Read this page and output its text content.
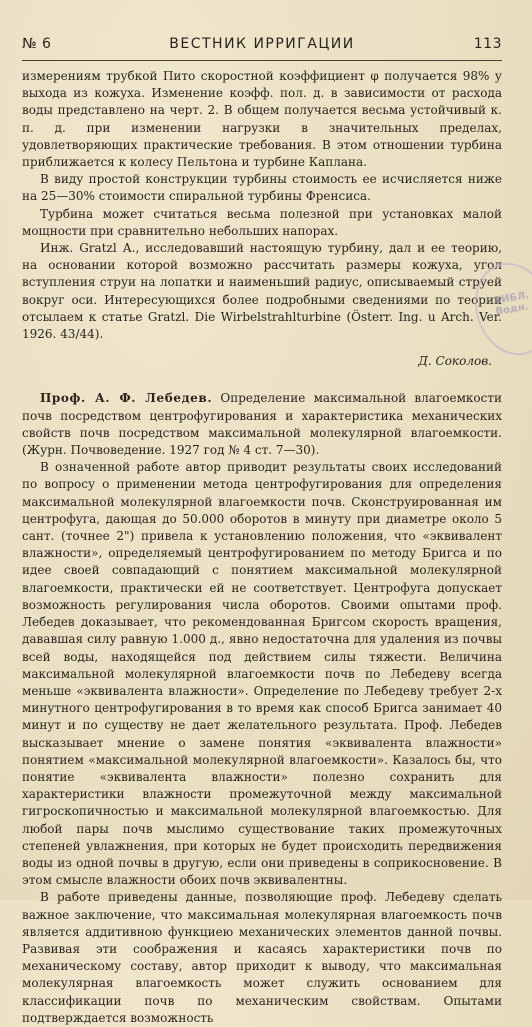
№ 6	ВЕСТНИК ИРРИГАЦИИ	113

измерениям трубкой Пито скоростной коэффициент φ получается 98% у выхода из кожуха. Изменение коэфф. пол. д. в зависимости от расхода воды представлено на черт. 2. В общем получается весьма устойчивый к. п. д. при изменении нагрузки в значительных пределах, удовлетворяющих практические требования. В этом отношении турбина приближается к колесу Пельтона и турбине Каплана.

В виду простой конструкции турбины стоимость ее исчисляется ниже на 25—30% стоимости спиральной турбины Френсиса.

Турбина может считаться весьма полезной при установках малой мощности при сравнительно небольших напорах.

Инж. Gratzl А., исследовавший настоящую турбину, дал и ее теорию, на основании которой возможно рассчитать размеры кожуха, угол вступления струи на лопатки и наименьший радиус, описываемый струей вокруг оси. Интересующихся более подробными сведениями по теории отсылаем к статье Gratzl. Die Wirbelstrahlturbine (Österr. Ing. u Arch. Ver. 1926. 43/44).

Д. Соколов.

Проф. А. Ф. Лебедев. Определение максимальной влагоемкости почв посредством центрофугирования и характеристика механических свойств почв посредством максимальной молекулярной влагоемкости. (Журн. Почвоведение. 1927 год № 4 ст. 7—30).

В означенной работе автор приводит результаты своих исследований по вопросу о применении метода центрофугирования для определения максимальной молекулярной влагоемкости почв. Сконструированная им центрофуга, дающая до 50.000 оборотов в минуту при диаметре около 5 сант. (точнее 2") привела к установлению положения, что «эквивалент влажности», определяемый центрофугированием по методу Бригса и по идее своей совпадающий с понятием максимальной молекулярной влагоемкости, практически ей не соответствует. Центрофуга допускает возможность регулирования числа оборотов. Своими опытами проф. Лебедев доказывает, что рекомендованная Бригсом скорость вращения, дававшая силу равную 1.000 д., явно недостаточна для удаления из почвы всей воды, находящейся под действием силы тяжести. Величина максимальной молекулярной влагоемкости почв по Лебедеву всегда меньше «эквивалента влажности». Определение по Лебедеву требует 2-х минутного центрофугирования в то время как способ Бригса занимает 40 минут и по существу не дает желательного результата. Проф. Лебедев высказывает мнение о замене понятия «эквивалента влажности» понятием «максимальной молекулярной влагоемкости». Казалось бы, что понятие «эквивалента влажности» полезно сохранить для характеристики влажности промежуточной между максимальной гигроскопичностью и максимальной молекулярной влагоемкостью. Для любой пары почв мыслимо существование таких промежуточных степеней увлажнения, при которых не будет происходить передвижения воды из одной почвы в другую, если они приведены в соприкосновение. В этом смысле влажности обоих почв эквивалентны.

В работе приведены данные, позволяющие проф. Лебедеву сделать важное заключение, что максимальная молекулярная влагоемкость почв является аддитивною функциею механических элементов данной почвы. Развивая эти соображения и касаясь характеристики почв по механическому составу, автор приходит к выводу, что максимальная молекулярная влагоемкость может служить основанием для классификации почв по механическим свойствам. Опытами подтверждается возможность

БИБЛ. Водн.
